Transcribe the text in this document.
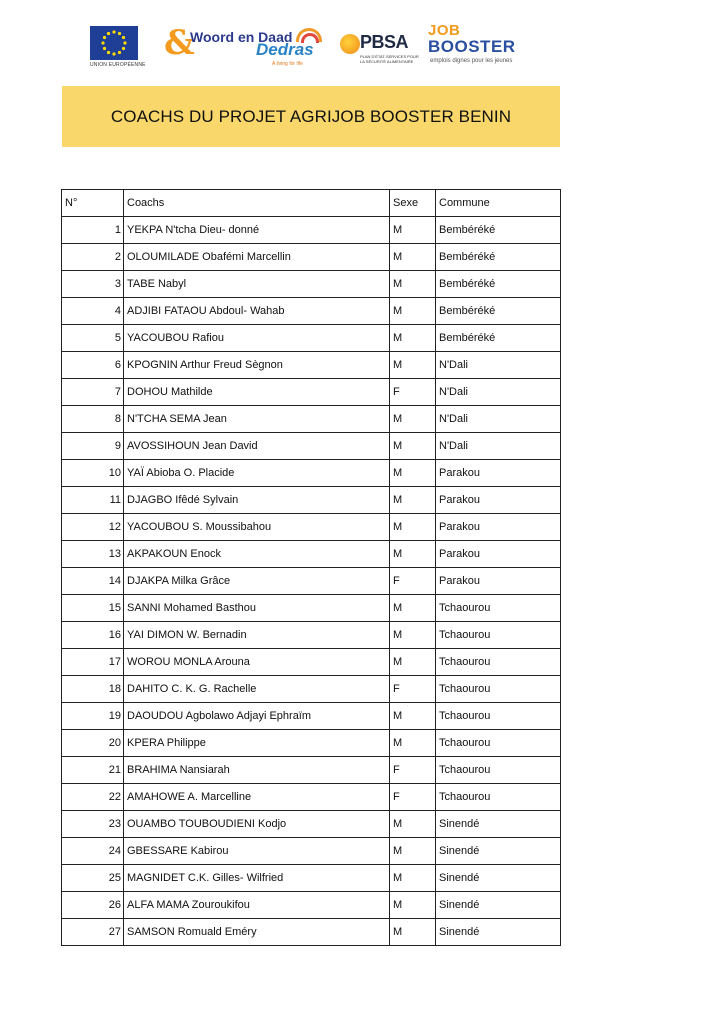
UNION EUROPÉENNE
&
Woord en Daad
Dedras
A living for life
PBSA
PLAN D'ÉTAT-SERVICES POUR LA SÉCURITÉ ALIMENTAIRE
JOB
BOOSTER
emplois dignes pour les jeunes
COACHS DU PROJET AGRIJOB BOOSTER BENIN
N°	Coachs	Sexe	Commune
1	YEKPA N'tcha Dieu- donné	M	Bembéréké
2	OLOUMILADE Obafémi Marcellin	M	Bembéréké
3	TABE Nabyl	M	Bembéréké
4	ADJIBI FATAOU Abdoul- Wahab	M	Bembéréké
5	YACOUBOU Rafiou	M	Bembéréké
6	KPOGNIN Arthur Freud Sègnon	M	N'Dali
7	DOHOU Mathilde	F	N'Dali
8	N'TCHA SEMA Jean	M	N'Dali
9	AVOSSIHOUN Jean David	M	N'Dali
10	YAÏ Abioba O. Placide	M	Parakou
11	DJAGBO Ifêdé Sylvain	M	Parakou
12	YACOUBOU S. Moussibahou	M	Parakou
13	AKPAKOUN Enock	M	Parakou
14	DJAKPA Milka Grâce	F	Parakou
15	SANNI Mohamed Basthou	M	Tchaourou
16	YAI DIMON W. Bernadin	M	Tchaourou
17	WOROU MONLA Arouna	M	Tchaourou
18	DAHITO C. K. G. Rachelle	F	Tchaourou
19	DAOUDOU Agbolawo Adjayi Ephraïm	M	Tchaourou
20	KPERA Philippe	M	Tchaourou
21	BRAHIMA Nansiarah	F	Tchaourou
22	AMAHOWE A. Marcelline	F	Tchaourou
23	OUAMBO TOUBOUDIENI Kodjo	M	Sinendé
24	GBESSARE Kabirou	M	Sinendé
25	MAGNIDET C.K. Gilles- Wilfried	M	Sinendé
26	ALFA MAMA Zouroukifou	M	Sinendé
27	SAMSON Romuald Eméry	M	Sinendé
